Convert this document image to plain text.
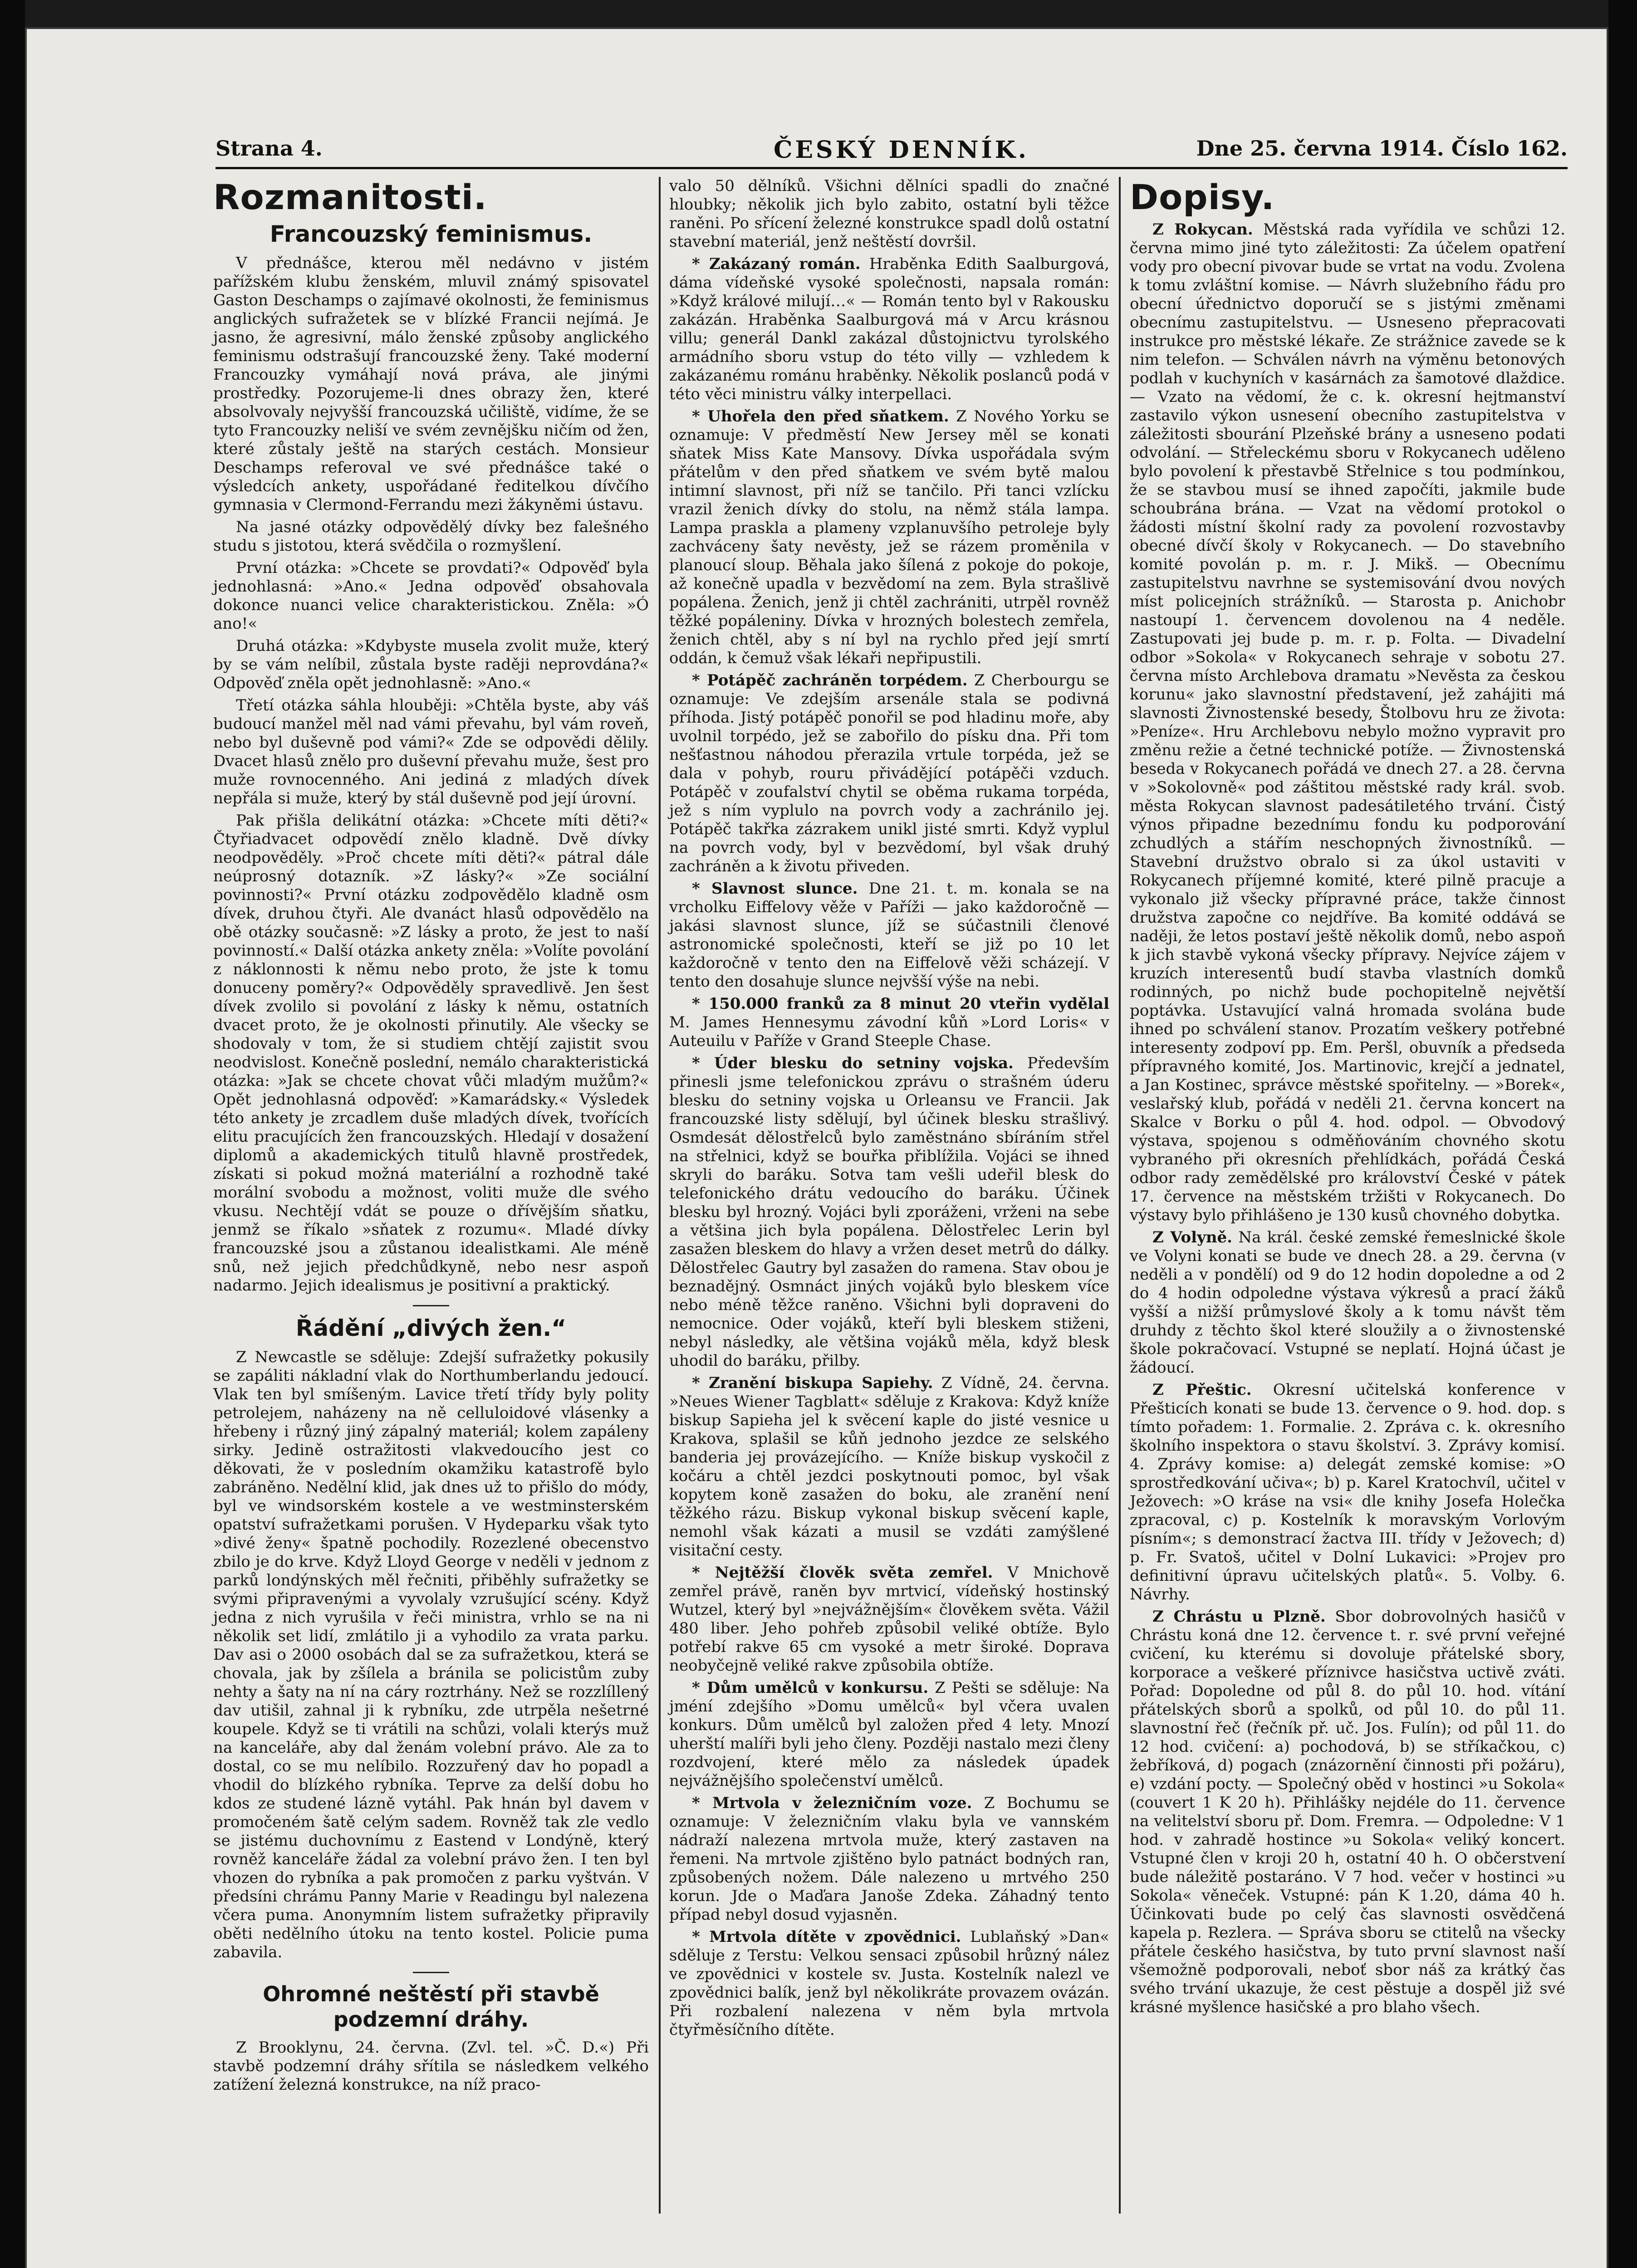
Strana 4.	ČESKÝ DENNÍK.	Dne 25. června 1914. Číslo 162.
Rozmanitosti.
Francouzský feminismus.

V přednášce, kterou měl nedávno v jistém pařížském klubu ženském, mluvil známý spisovatel Gaston Deschamps o zajímavé okolnosti, že feminismus anglických sufražetek se v blízké Francii nejímá. Je jasno, že agresivní, málo ženské způsoby anglického feminismu odstrašují francouzské ženy. Také moderní Francouzky vymáhají nová práva, ale jinými prostředky. Pozorujeme-li dnes obrazy žen, které absolvovaly nejvyšší francouzská učiliště, vidíme, že se tyto Francouzky neliší ve svém zevnějšku ničím od žen, které zůstaly ještě na starých cestách. Monsieur Deschamps referoval ve své přednášce také o výsledcích ankety, uspořádané ředitelkou dívčího gymnasia v Clermond-Ferrandu mezi žákyněmi ústavu.

Na jasné otázky odpovědělý dívky bez falešného studu s jistotou, která svědčila o rozmyšlení.

První otázka: »Chcete se provdati?« Odpověď byla jednohlasná: »Ano.« Jedna odpověď obsahovala dokonce nuanci velice charakteristickou. Zněla: »Ó ano!«

Druhá otázka: »Kdybyste musela zvolit muže, který by se vám nelíbil, zůstala byste raději neprovdána?« Odpověď zněla opět jednohlasně: »Ano.«

Třetí otázka sáhla hlouběji: »Chtěla byste, aby váš budoucí manžel měl nad vámi převahu, byl vám roveň, nebo byl duševně pod vámi?« Zde se odpovědi dělily. Dvacet hlasů znělo pro duševní převahu muže, šest pro muže rovnocenného. Ani jediná z mladých dívek nepřála si muže, který by stál duševně pod její úrovní.

Pak přišla delikátní otázka: »Chcete míti děti?« Čtyřiadvacet odpovědí znělo kladně. Dvě dívky neodpověděly. »Proč chcete míti děti?« pátral dále neúprosný dotazník. »Z lásky?« »Ze sociální povinnosti?« První otázku zodpovědělo kladně osm dívek, druhou čtyři. Ale dvanáct hlasů odpovědělo na obě otázky současně: »Z lásky a proto, že jest to naší povinností.« Další otázka ankety zněla: »Volíte povolání z náklonnosti k němu nebo proto, že jste k tomu donuceny poměry?« Odpověděly spravedlivě. Jen šest dívek zvolilo si povolání z lásky k němu, ostatních dvacet proto, že je okolnosti přinutily. Ale všecky se shodovaly v tom, že si studiem chtějí zajistit svou neodvislost. Konečně poslední, nemálo charakteristická otázka: »Jak se chcete chovat vůči mladým mužům?« Opět jednohlasná odpověď: »Kamarádsky.« Výsledek této ankety je zrcadlem duše mladých dívek, tvořících elitu pracujících žen francouzských. Hledají v dosažení diplomů a akademických titulů hlavně prostředek, získati si pokud možná materiální a rozhodně také morální svobodu a možnost, voliti muže dle svého vkusu. Nechtějí vdát se pouze o dřívějším sňatku, jenmž se říkalo »sňatek z rozumu«. Mladé dívky francouzské jsou a zůstanou idealistkami. Ale méně snů, než jejich předchůdkyně, nebo nesr aspoň nadarmo. Jejich idealismus je positivní a praktický.

Řádění „divých žen.“

Z Newcastle se sděluje: Zdejší sufražetky pokusily se zapáliti nákladní vlak do Northumberlandu jedoucí. Vlak ten byl smíšeným. Lavice třetí třídy byly polity petrolejem, naházeny na ně celluloidové vlásenky a hřebeny i různý jiný zápalný materiál; kolem zapáleny sirky. Jedině ostražitosti vlakvedoucího jest co děkovati, že v posledním okamžiku katastrofě bylo zabráněno. Nedělní klid, jak dnes už to přišlo do módy, byl ve windsorském kostele a ve westminsterském opatství sufražetkami porušen. V Hydeparku však tyto »divé ženy« špatně pochodily. Rozezlené obecenstvo zbilo je do krve. Když Lloyd George v neděli v jednom z parků londýnských měl řečniti, přiběhly sufražetky se svými připravenými a vyvolaly vzrušující scény. Když jedna z nich vyrušila v řeči ministra, vrhlo se na ni několik set lidí, zmlátilo ji a vyhodilo za vrata parku. Dav asi o 2000 osobách dal se za sufražetkou, která se chovala, jak by zšílela a bránila se policistům zuby nehty a šaty na ní na cáry roztrhány. Než se rozzlíllený dav utišil, zahnal ji k rybníku, zde utrpěla nešetrné koupele. Když se ti vrátili na schůzi, volali kterýs muž na kanceláře, aby dal ženám volební právo. Ale za to dostal, co se mu nelíbilo. Rozzuřený dav ho popadl a vhodil do blízkého rybníka. Teprve za delší dobu ho kdos ze studené lázně vytáhl. Pak hnán byl davem v promočeném šatě celým sadem. Rovněž tak zle vedlo se jistému duchovnímu z Eastend v Londýně, který rovněž kanceláře žádal za volební právo žen. I ten byl vhozen do rybníka a pak promočen z parku vyštván. V předsíni chrámu Panny Marie v Readingu byl nalezena včera puma. Anonymním listem sufražetky připravily oběti nedělního útoku na tento kostel. Policie puma zabavila.

Ohromné neštěstí při stavbě podzemní dráhy.

Z Brooklynu, 24. června. (Zvl. tel. »Č. D.«) Při stavbě podzemní dráhy sřítila se následkem velkého zatížení železná konstrukce, na níž praco-

valo 50 dělníků. Všichni dělníci spadli do značné hloubky; několik jich bylo zabito, ostatní byli těžce raněni. Po sřícení železné konstrukce spadl dolů ostatní stavební materiál, jenž neštěstí dovršil.

* Zakázaný román. Hraběnka Edith Saalburgová, dáma vídeňské vysoké společnosti, napsala román: »Když králové milují…« — Román tento byl v Rakousku zakázán. Hraběnka Saalburgová má v Arcu krásnou villu; generál Dankl zakázal důstojnictvu tyrolského armádního sboru vstup do této villy — vzhledem k zakázanému románu hraběnky. Několik poslanců podá v této věci ministru války interpellaci.

* Uhořela den před sňatkem. Z Nového Yorku se oznamuje: V předměstí New Jersey měl se konati sňatek Miss Kate Mansovy. Dívka uspořádala svým přátelům v den před sňatkem ve svém bytě malou intimní slavnost, při níž se tančilo. Při tanci vzlícku vrazil ženich dívky do stolu, na němž stála lampa. Lampa praskla a plameny vzplanuvšího petroleje byly zachváceny šaty nevěsty, jež se rázem proměnila v planoucí sloup. Běhala jako šílená z pokoje do pokoje, až konečně upadla v bezvědomí na zem. Byla strašlivě popálena. Ženich, jenž ji chtěl zachrániti, utrpěl rovněž těžké popáleniny. Dívka v hrozných bolestech zemřela, ženich chtěl, aby s ní byl na rychlo před její smrtí oddán, k čemuž však lékaři nepřipustili.

* Potápěč zachráněn torpédem. Z Cherbourgu se oznamuje: Ve zdejším arsenále stala se podivná příhoda. Jistý potápěč ponořil se pod hladinu moře, aby uvolnil torpédo, jež se zabořilo do písku dna. Při tom nešťastnou náhodou přerazila vrtule torpéda, jež se dala v pohyb, rouru přivádějící potápěči vzduch. Potápěč v zoufalství chytil se oběma rukama torpéda, jež s ním vyplulo na povrch vody a zachránilo jej. Potápěč takřka zázrakem unikl jisté smrti. Když vyplul na povrch vody, byl v bezvědomí, byl však druhý zachráněn a k životu přiveden.

* Slavnost slunce. Dne 21. t. m. konala se na vrcholku Eiffelovy věže v Paříži — jako každoročně — jakási slavnost slunce, jíž se súčastnili členové astronomické společnosti, kteří se již po 10 let každoročně v tento den na Eiffelově věži scházejí. V tento den dosahuje slunce nejvšší výše na nebi.

* 150.000 franků za 8 minut 20 vteřin vydělal M. James Hennesymu závodní kůň »Lord Loris« v Auteuilu v Paříže v Grand Steeple Chase.

* Úder blesku do setniny vojska. Především přinesli jsme telefonickou zprávu o strašném úderu blesku do setniny vojska u Orleansu ve Francii. Jak francouzské listy sdělují, byl účinek blesku strašlivý. Osmdesát dělostřelců bylo zaměstnáno sbíráním střel na střelnici, když se bouřka přiblížila. Vojáci se ihned skryli do baráku. Sotva tam vešli udeřil blesk do telefonického drátu vedoucího do baráku. Účinek blesku byl hrozný. Vojáci byli zporáženi, vrženi na sebe a většina jich byla popálena. Dělostřelec Lerin byl zasažen bleskem do hlavy a vržen deset metrů do dálky. Dělostřelec Gautry byl zasažen do ramena. Stav obou je beznadějný. Osmnáct jiných vojáků bylo bleskem více nebo méně těžce raněno. Všichni byli dopraveni do nemocnice. Oder vojáků, kteří byli bleskem stiženi, nebyl následky, ale většina vojáků měla, když blesk uhodil do baráku, přilby.

* Zranění biskupa Sapiehy. Z Vídně, 24. června. »Neues Wiener Tagblatt« sděluje z Krakova: Když kníže biskup Sapieha jel k svěcení kaple do jisté vesnice u Krakova, splašil se kůň jednoho jezdce ze selského banderia jej provázejícího. — Kníže biskup vyskočil z kočáru a chtěl jezdci poskytnouti pomoc, byl však kopytem koně zasažen do boku, ale zranění není těžkého rázu. Biskup vykonal biskup svěcení kaple, nemohl však kázati a musil se vzdáti zamýšlené visitační cesty.

* Nejtěžší člověk světa zemřel. V Mnichově zemřel právě, raněn byv mrtvicí, vídeňský hostinský Wutzel, který byl »nejvážnějším« člověkem světa. Vážil 480 liber. Jeho pohřeb způsobil veliké obtíže. Bylo potřebí rakve 65 cm vysoké a metr široké. Doprava neobyčejně veliké rakve způsobila obtíže.

* Dům umělců v konkursu. Z Pešti se sděluje: Na jméní zdejšího »Domu umělců« byl včera uvalen konkurs. Dům umělců byl založen před 4 lety. Mnozí uherští malíři byli jeho členy. Později nastalo mezi členy rozdvojení, které mělo za následek úpadek nejvážnějšího společenství umělců.

* Mrtvola v železničním voze. Z Bochumu se oznamuje: V železničním vlaku byla ve vannském nádraží nalezena mrtvola muže, který zastaven na řemeni. Na mrtvole zjištěno bylo patnáct bodných ran, způsobených nožem. Dále nalezeno u mrtvého 250 korun. Jde o Maďara Janoše Zdeka. Záhadný tento případ nebyl dosud vyjasněn.

* Mrtvola dítěte v zpovědnici. Lublaňský »Dan« sděluje z Terstu: Velkou sensaci způsobil hrůzný nález ve zpovědnici v kostele sv. Justa. Kostelník nalezl ve zpovědnici balík, jenž byl několikráte provazem ovázán. Při rozbalení nalezena v něm byla mrtvola čtyřměsíčního dítěte.

Dopisy.

Z Rokycan. Městská rada vyřídila ve schůzi 12. června mimo jiné tyto záležitosti: Za účelem opatření vody pro obecní pivovar bude se vrtat na vodu. Zvolena k tomu zvláštní komise. — Návrh služebního řádu pro obecní úřednictvo doporučí se s jistými změnami obecnímu zastupitelstvu. — Usneseno přepracovati instrukce pro městské lékaře. Ze strážnice zavede se k nim telefon. — Schválen návrh na výměnu betonových podlah v kuchyních v kasárnách za šamotové dlaždice. — Vzato na vědomí, že c. k. okresní hejtmanství zastavilo výkon usnesení obecního zastupitelstva v záležitosti sbourání Plzeňské brány a usneseno podati odvolání. — Střeleckému sboru v Rokycanech uděleno bylo povolení k přestavbě Střelnice s tou podmínkou, že se stavbou musí se ihned započíti, jakmile bude schoubrána brána. — Vzat na vědomí protokol o žádosti místní školní rady za povolení rozvostavby obecné dívčí školy v Rokycanech. — Do stavebního komité povolán p. m. r. J. Mikš. — Obecnímu zastupitelstvu navrhne se systemisování dvou nových míst policejních strážníků. — Starosta p. Anichobr nastoupí 1. červencem dovolenou na 4 neděle. Zastupovati jej bude p. m. r. p. Folta. — Divadelní odbor »Sokola« v Rokycanech sehraje v sobotu 27. června místo Archlebova dramatu »Nevěsta za českou korunu« jako slavnostní představení, jež zahájiti má slavnosti Živnostenské besedy, Štolbovu hru ze života: »Peníze«. Hru Archlebovu nebylo možno vypravit pro změnu režie a četné technické potíže. — Živnostenská beseda v Rokycanech pořádá ve dnech 27. a 28. června v »Sokolovně« pod záštitou městské rady král. svob. města Rokycan slavnost padesátiletého trvání. Čistý výnos připadne bezednímu fondu ku podporování zchudlých a stářím neschopných živnostníků. — Stavební družstvo obralo si za úkol ustaviti v Rokycanech příjemné komité, které pilně pracuje a vykonalo již všecky přípravné práce, takže činnost družstva započne co nejdříve. Ba komité oddává se naději, že letos postaví ještě několik domů, nebo aspoň k jich stavbě vykoná všecky přípravy. Nejvíce zájem v kruzích interesentů budí stavba vlastních domků rodinných, po nichž bude pochopitelně největší poptávka. Ustavující valná hromada svolána bude ihned po schválení stanov. Prozatím veškery potřebné interesenty zodpoví pp. Em. Peršl, obuvník a předseda přípravného komité, Jos. Martinovic, krejčí a jednatel, a Jan Kostinec, správce městské spořitelny. — »Borek«, veslařský klub, pořádá v neděli 21. června koncert na Skalce v Borku o půl 4. hod. odpol. — Obvodový výstava, spojenou s odměňováním chovného skotu vybraného při okresních přehlídkách, pořádá Česká odbor rady zemědělské pro království České v pátek 17. července na městském tržišti v Rokycanech. Do výstavy bylo přihlášeno je 130 kusů chovného dobytka.

Z Volyně. Na král. české zemské řemeslnické škole ve Volyni konati se bude ve dnech 28. a 29. června (v neděli a v pondělí) od 9 do 12 hodin dopoledne a od 2 do 4 hodin odpoledne výstava výkresů a prací žáků vyšší a nižší průmyslové školy a k tomu návšt těm druhdy z těchto škol které sloužily a o živnostenské škole pokračovací. Vstupné se neplatí. Hojná účast je žádoucí.

Z Přeštic. Okresní učitelská konference v Přešticích konati se bude 13. července o 9. hod. dop. s tímto pořadem: 1. Formalie. 2. Zpráva c. k. okresního školního inspektora o stavu školství. 3. Zprávy komisí. 4. Zprávy komise: a) delegát zemské komise: »O sprostředkování učiva«; b) p. Karel Kratochvíl, učitel v Ježovech: »O kráse na vsi« dle knihy Josefa Holečka zpracoval, c) p. Kostelník k moravským Vorlovým písním«; s demonstrací žactva III. třídy v Ježovech; d) p. Fr. Svatoš, učitel v Dolní Lukavici: »Projev pro definitivní úpravu učitelských platů«. 5. Volby. 6. Návrhy.

Z Chrástu u Plzně. Sbor dobrovolných hasičů v Chrástu koná dne 12. července t. r. své první veřejné cvičení, ku kterému si dovoluje přátelské sbory, korporace a veškeré příznivce hasičstva uctivě zváti. Pořad: Dopoledne od půl 8. do půl 10. hod. vítání přátelských sborů a spolků, od půl 10. do půl 11. slavnostní řeč (řečník př. uč. Jos. Fulín); od půl 11. do 12 hod. cvičení: a) pochodová, b) se stříkačkou, c) žebříková, d) pogach (znázornění činnosti při požáru), e) vzdání pocty. — Společný oběd v hostinci »u Sokola« (couvert 1 K 20 h). Přihlášky nejdéle do 11. července na velitelství sboru př. Dom. Fremra. — Odpoledne: V 1 hod. v zahradě hostince »u Sokola« veliký koncert. Vstupné člen v kroji 20 h, ostatní 40 h. O občerstvení bude náležitě postaráno. V 7 hod. večer v hostinci »u Sokola« věneček. Vstupné: pán K 1.20, dáma 40 h. Účinkovati bude po celý čas slavnosti osvědčená kapela p. Rezlera. — Správa sboru se ctitelů na všecky přátele českého hasičstva, by tuto první slavnost naší všemožně podporovali, neboť sbor náš za krátký čas svého trvání ukazuje, že cest pěstuje a dospěl již své krásné myšlence hasičské a pro blaho všech.
